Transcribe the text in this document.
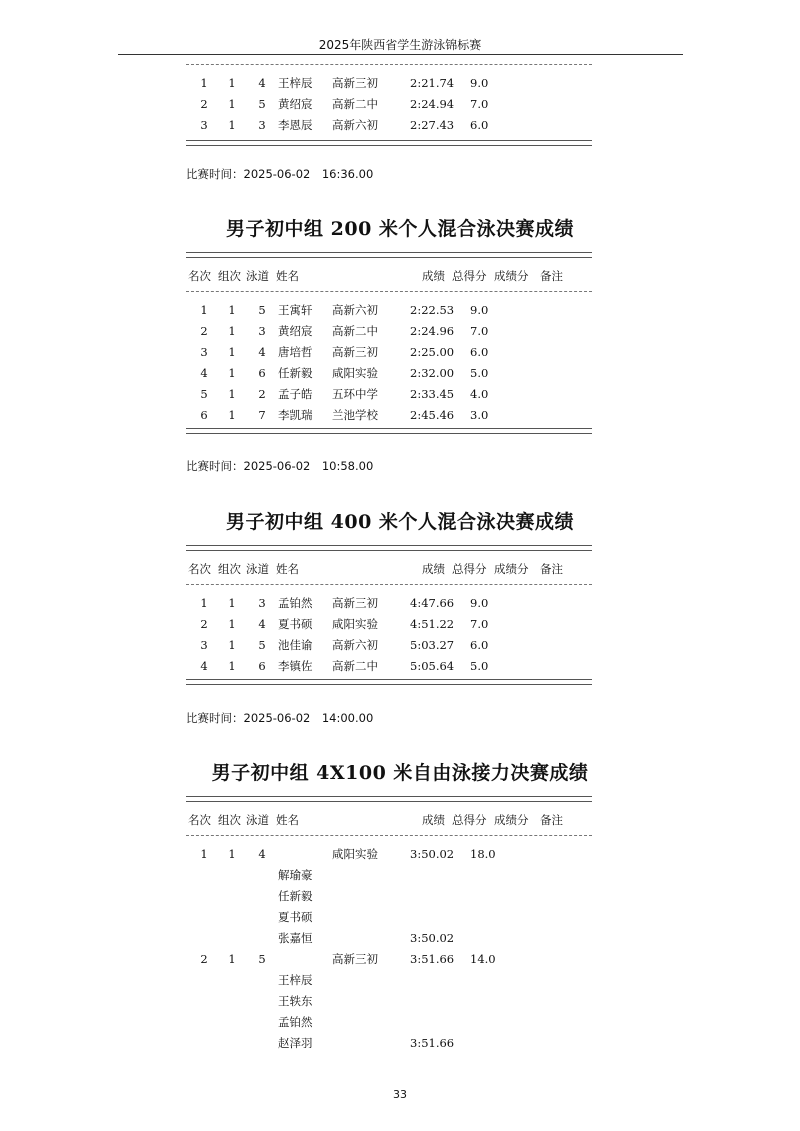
2025年陕西省学生游泳锦标赛
1	1	4	王梓辰 高新三初	2:21.74 9.0
2	1	5	黄绍宸 高新二中	2:24.94 7.0
3	1	3	李恩辰 高新六初	2:27.43 6.0
比赛时间：2025-06-02　16:36.00
男子初中组 200 米个人混合泳决赛成绩
名次 组次 泳道 姓名	成绩 总得分 成绩分 备注
1	1	5	王寓轩 高新六初	2:22.53 9.0
2	1	3	黄绍宸 高新二中	2:24.96 7.0
3	1	4	唐培哲 高新三初	2:25.00 6.0
4	1	6	任新毅 咸阳实验	2:32.00 5.0
5	1	2	孟子皓 五环中学	2:33.45 4.0
6	1	7	李凯瑞 兰池学校	2:45.46 3.0
比赛时间：2025-06-02　10:58.00
男子初中组 400 米个人混合泳决赛成绩
名次 组次 泳道 姓名	成绩 总得分 成绩分 备注
1	1	3	孟铂然 高新三初	4:47.66 9.0
2	1	4	夏书硕 咸阳实验	4:51.22 7.0
3	1	5	池佳谕 高新六初	5:03.27 6.0
4	1	6	李镇佐 高新二中	5:05.64 5.0
比赛时间：2025-06-02　14:00.00
男子初中组 4X100 米自由泳接力决赛成绩
名次 组次 泳道 姓名	成绩 总得分 成绩分 备注
1	1	4	咸阳实验	3:50.02 18.0
解瑜豪
任新毅
夏书硕
张嘉恒	3:50.02
2	1	5	高新三初	3:51.66 14.0
王梓辰
王轶东
孟铂然
赵泽羽	3:51.66
33
